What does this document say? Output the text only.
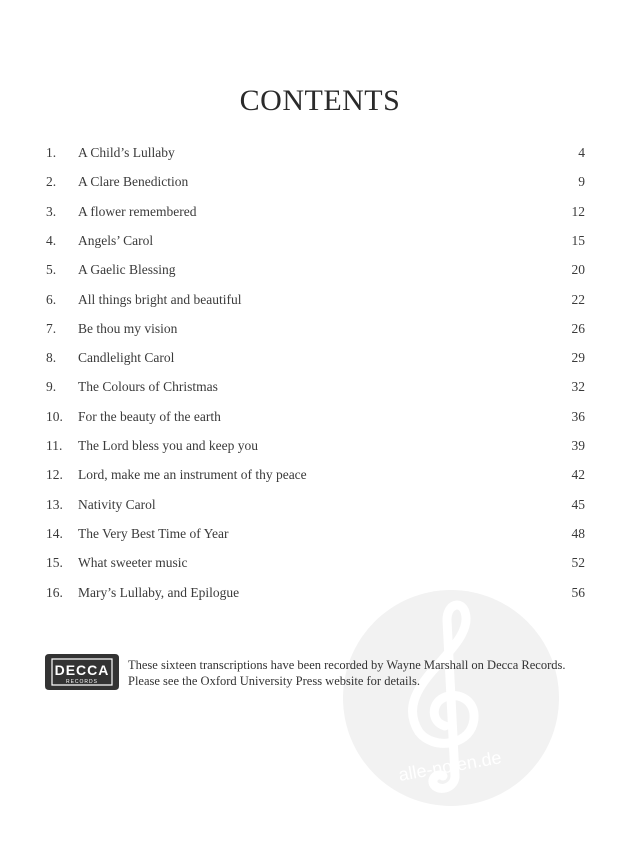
CONTENTS
1. A Child’s Lullaby	4
2. A Clare Benediction	9
3. A flower remembered	12
4. Angels’ Carol	15
5. A Gaelic Blessing	20
6. All things bright and beautiful	22
7. Be thou my vision	26
8. Candlelight Carol	29
9. The Colours of Christmas	32
10. For the beauty of the earth	36
11. The Lord bless you and keep you	39
12. Lord, make me an instrument of thy peace	42
13. Nativity Carol	45
14. The Very Best Time of Year	48
15. What sweeter music	52
16. Mary’s Lullaby, and Epilogue	56
alle-noten.de
DECCA
RECORDS
These sixteen transcriptions have been recorded by Wayne Marshall on Decca Records.
Please see the Oxford University Press website for details.
